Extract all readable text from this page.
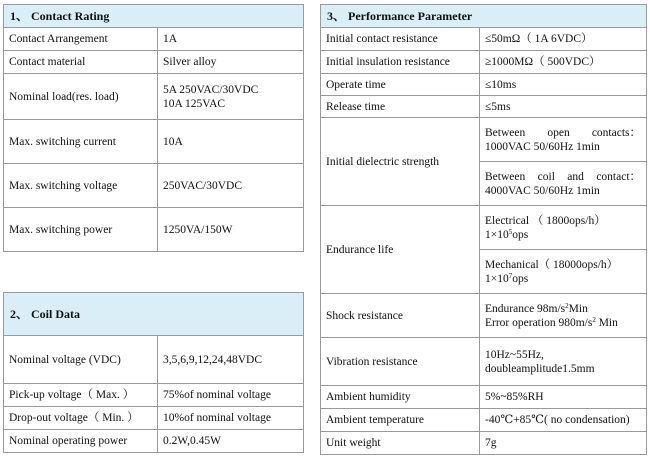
1、 Contact Rating	
Contact Arrangement	1A
Contact material	Silver alloy
Nominal load(res. load)	5A 250VAC/30VDC
10A 125VAC

Max. switching current	10A
Max. switching voltage	250VAC/30VDC
Max. switching power	1250VA/150W
2、 Coil Data	
Nominal voltage (VDC)	3,5,6,9,12,24,48VDC
Pick-up voltage（ Max. ）	75%of nominal voltage
Drop-out voltage（ Min. ）	10%of nominal voltage
Nominal operating power	0.2W,0.45W
3、 Performance Parameter	
Initial contact resistance	≤50mΩ（ 1A 6VDC）
Initial insulation resistance	≥1000MΩ（ 500VDC）
Operate time	≤10ms
Release time	≤5ms
Initial dielectric strength	Between open contacts：
1000VAC 50/60Hz 1min

	Between coil and contact：
4000VAC 50/60Hz 1min

Endurance life	Electrical （ 1800ops/h）
$1\times 10^5ops$

	Mechanical（ 18000ops/h）
$1\times 10^7ops$

Shock resistance	Endurance $98m/s^2Min$
Error operation $980m/s^2$ Min

Vibration resistance	10Hz~55Hz,
doubleamplitude1.5mm

Ambient humidity	5%~85%RH
Ambient temperature	-40℃+85℃( no condensation)
Unit weight	7g
